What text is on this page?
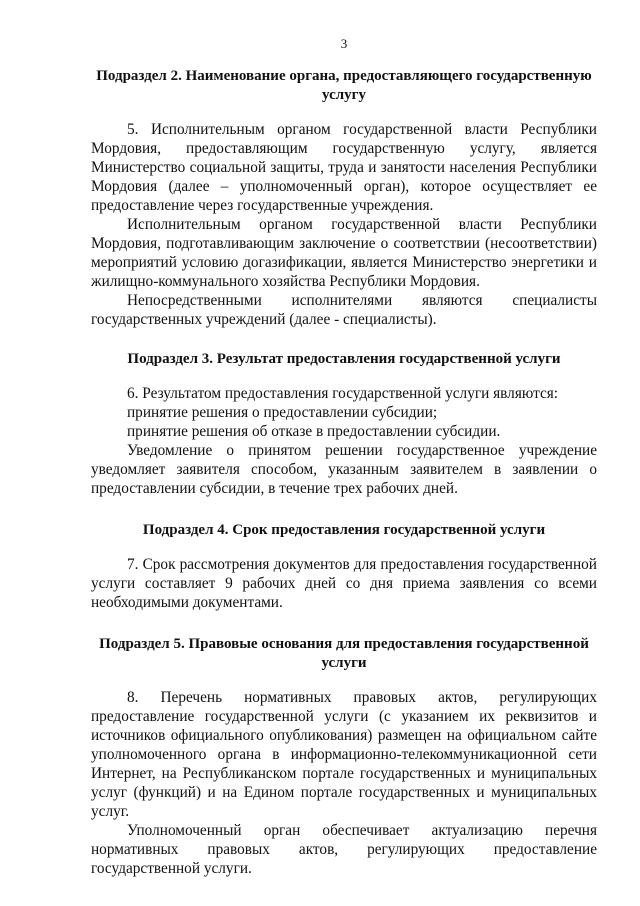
3
Подраздел 2. Наименование органа, предоставляющего государственную услугу

5. Исполнительным органом государственной власти Республики Мордовия, предоставляющим государственную услугу, является Министерство социальной защиты, труда и занятости населения Республики Мордовия (далее – уполномоченный орган), которое осуществляет ее предоставление через государственные учреждения.

Исполнительным органом государственной власти Республики Мордовия, подготавливающим заключение о соответствии (несоответствии) мероприятий условию догазификации, является Министерство энергетики и жилищно-коммунального хозяйства Республики Мордовия.

Непосредственными исполнителями являются специалисты государственных учреждений (далее - специалисты).

Подраздел 3. Результат предоставления государственной услуги

6. Результатом предоставления государственной услуги являются:

принятие решения о предоставлении субсидии;

принятие решения об отказе в предоставлении субсидии.

Уведомление о принятом решении государственное учреждение уведомляет заявителя способом, указанным заявителем в заявлении о предоставлении субсидии, в течение трех рабочих дней.

Подраздел 4. Срок предоставления государственной услуги

7. Срок рассмотрения документов для предоставления государственной услуги составляет 9 рабочих дней со дня приема заявления со всеми необходимыми документами.

Подраздел 5. Правовые основания для предоставления государственной услуги

8. Перечень нормативных правовых актов, регулирующих предоставление государственной услуги (с указанием их реквизитов и источников официального опубликования) размещен на официальном сайте уполномоченного органа в информационно-телекоммуникационной сети Интернет, на Республиканском портале государственных и муниципальных услуг (функций) и на Едином портале государственных и муниципальных услуг.

Уполномоченный орган обеспечивает актуализацию перечня нормативных правовых актов, регулирующих предоставление государственной услуги.
